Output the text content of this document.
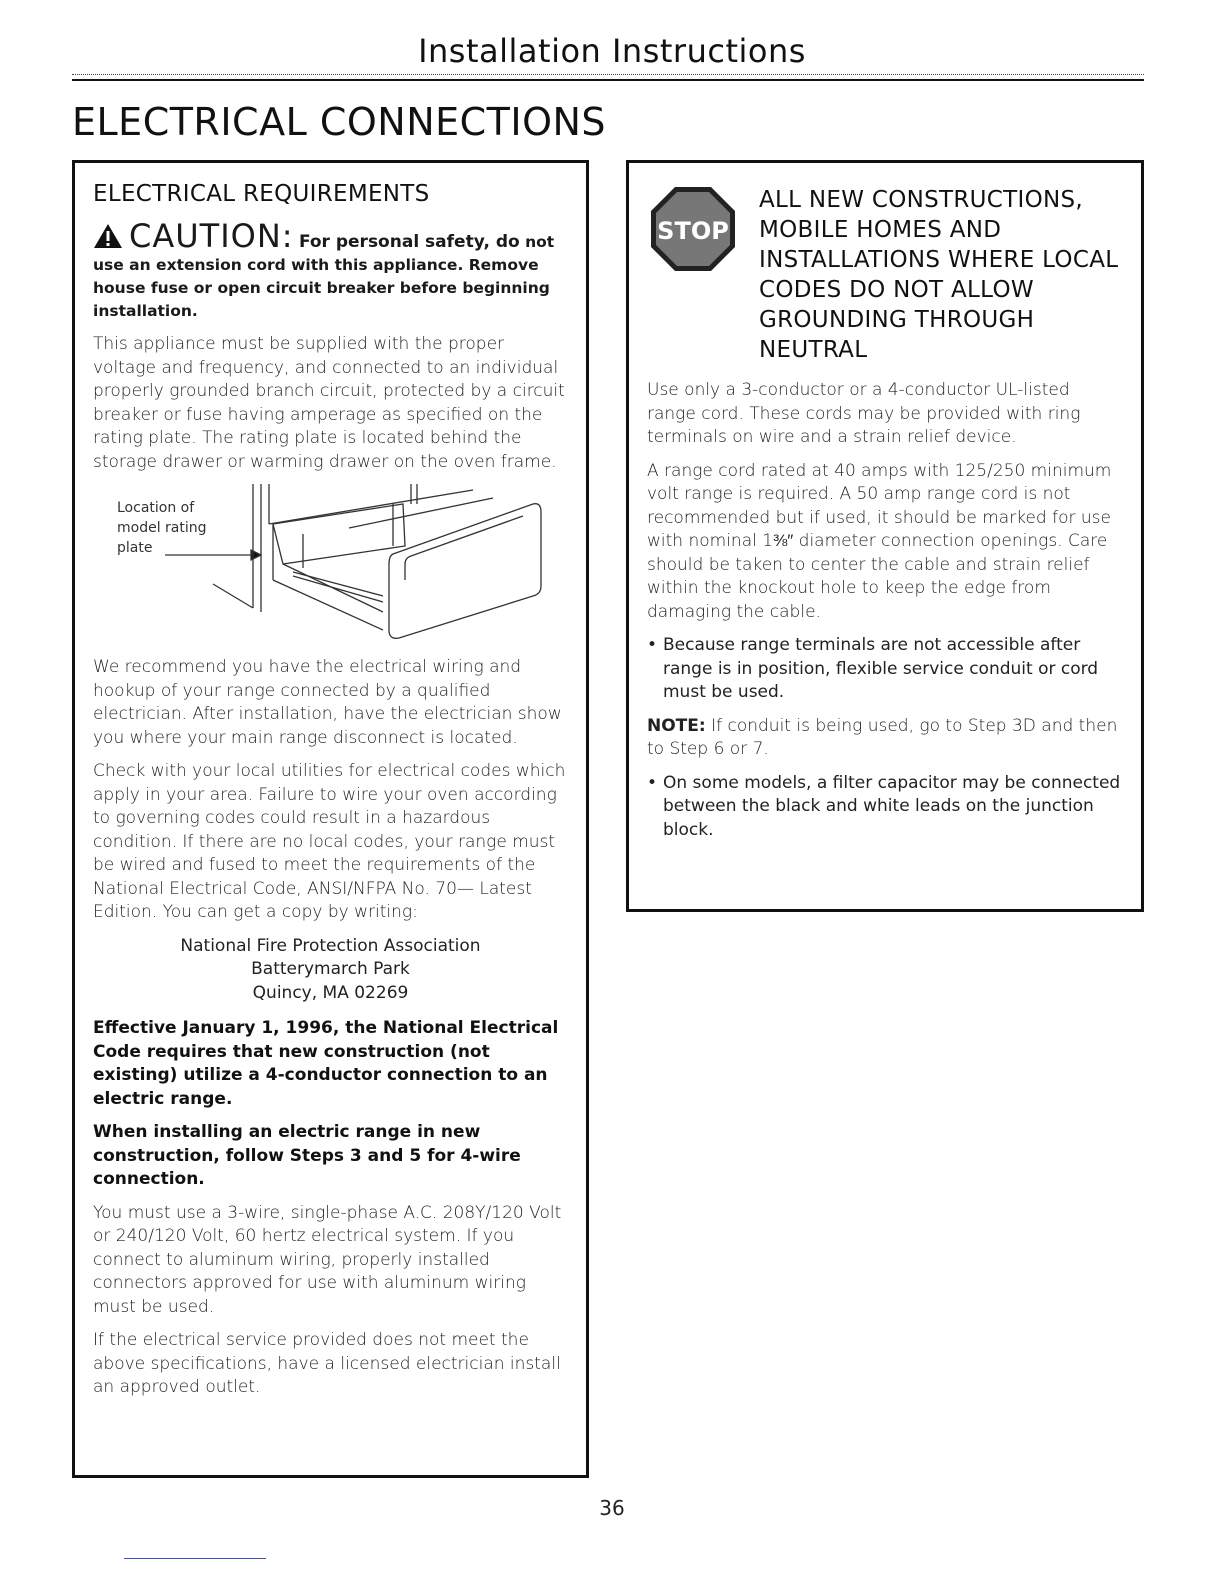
Installation Instructions
ELECTRICAL CONNECTIONS
ELECTRICAL REQUIREMENTS
CAUTION: For personal safety, do not use an extension cord with this appliance. Remove house fuse or open circuit breaker before beginning installation.

This appliance must be supplied with the proper voltage and frequency, and connected to an individual properly grounded branch circuit, protected by a circuit breaker or fuse having amperage as specified on the rating plate. The rating plate is located behind the storage drawer or warming drawer on the oven frame.

Location of
model rating
plate

We recommend you have the electrical wiring and hookup of your range connected by a qualified electrician. After installation, have the electrician show you where your main range disconnect is located.

Check with your local utilities for electrical codes which apply in your area. Failure to wire your oven according to governing codes could result in a hazardous condition. If there are no local codes, your range must be wired and fused to meet the requirements of the National Electrical Code, ANSI/NFPA No. 70— Latest Edition. You can get a copy by writing:

National Fire Protection Association
Batterymarch Park
Quincy, MA 02269

Effective January 1, 1996, the National Electrical Code requires that new construction (not existing) utilize a 4-conductor connection to an electric range.

When installing an electric range in new construction, follow Steps 3 and 5 for 4-wire connection.

You must use a 3-wire, single-phase A.C. 208Y/120 Volt or 240/120 Volt, 60 hertz electrical system. If you connect to aluminum wiring, properly installed connectors approved for use with aluminum wiring must be used.

If the electrical service provided does not meet the above specifications, have a licensed electrician install an approved outlet.

STOP
ALL NEW CONSTRUCTIONS,
MOBILE HOMES AND
INSTALLATIONS WHERE LOCAL
CODES DO NOT ALLOW
GROUNDING THROUGH
NEUTRAL

Use only a 3-conductor or a 4-conductor UL-listed range cord. These cords may be provided with ring terminals on wire and a strain relief device.

A range cord rated at 40 amps with 125/250 minimum volt range is required. A 50 amp range cord is not recommended but if used, it should be marked for use with nominal 1⅜″ diameter connection openings. Care should be taken to center the cable and strain relief within the knockout hole to keep the edge from damaging the cable.

• Because range terminals are not accessible after range is in position, flexible service conduit or cord must be used.

NOTE: If conduit is being used, go to Step 3D and then to Step 6 or 7.

• On some models, a filter capacitor may be connected between the black and white leads on the junction block.
36
